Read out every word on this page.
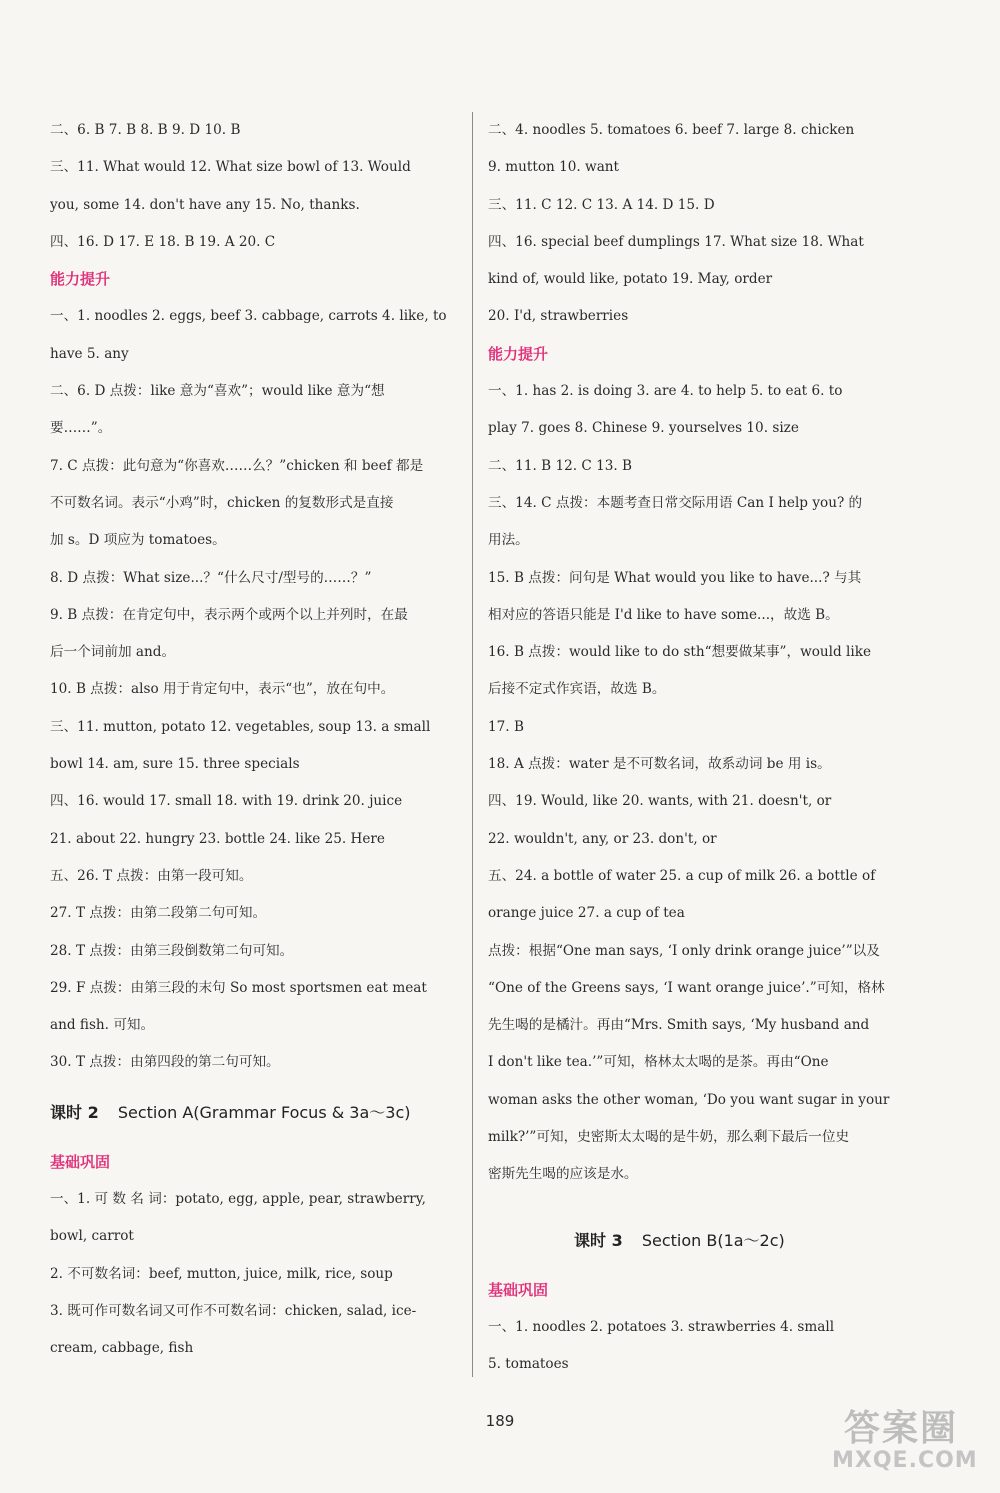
二、6. B 7. B 8. B 9. D 10. B
三、11. What would 12. What size bowl of 13. Would
you, some 14. don't have any 15. No, thanks.
四、16. D 17. E 18. B 19. A 20. C
能力提升
一、1. noodles 2. eggs, beef 3. cabbage, carrots 4. like, to
have 5. any
二、6. D 点拨：like 意为“喜欢”；would like 意为“想
要……”。
7. C 点拨：此句意为“你喜欢……么？”chicken 和 beef 都是
不可数名词。表示“小鸡”时，chicken 的复数形式是直接
加 s。D 项应为 tomatoes。
8. D 点拨：What size...？“什么尺寸/型号的……？”
9. B 点拨：在肯定句中，表示两个或两个以上并列时，在最
后一个词前加 and。
10. B 点拨：also 用于肯定句中，表示“也”，放在句中。
三、11. mutton, potato 12. vegetables, soup 13. a small
bowl 14. am, sure 15. three specials
四、16. would 17. small 18. with 19. drink 20. juice
21. about 22. hungry 23. bottle 24. like 25. Here
五、26. T 点拨：由第一段可知。
27. T 点拨：由第二段第二句可知。
28. T 点拨：由第三段倒数第二句可知。
29. F 点拨：由第三段的末句 So most sportsmen eat meat
and fish. 可知。
30. T 点拨：由第四段的第二句可知。
课时 2 Section A(Grammar Focus & 3a～3c)
基础巩固
一、1. 可 数 名 词：potato, egg, apple, pear, strawberry,
bowl, carrot
2. 不可数名词：beef, mutton, juice, milk, rice, soup
3. 既可作可数名词又可作不可数名词：chicken, salad, ice-
cream, cabbage, fish
二、4. noodles 5. tomatoes 6. beef 7. large 8. chicken
9. mutton 10. want
三、11. C 12. C 13. A 14. D 15. D
四、16. special beef dumplings 17. What size 18. What
kind of, would like, potato 19. May, order
20. I'd, strawberries
能力提升
一、1. has 2. is doing 3. are 4. to help 5. to eat 6. to
play 7. goes 8. Chinese 9. yourselves 10. size
二、11. B 12. C 13. B
三、14. C 点拨：本题考查日常交际用语 Can I help you? 的
用法。
15. B 点拨：问句是 What would you like to have...? 与其
相对应的答语只能是 I'd like to have some...，故选 B。
16. B 点拨：would like to do sth“想要做某事”，would like
后接不定式作宾语，故选 B。
17. B
18. A 点拨：water 是不可数名词，故系动词 be 用 is。
四、19. Would, like 20. wants, with 21. doesn't, or
22. wouldn't, any, or 23. don't, or
五、24. a bottle of water 25. a cup of milk 26. a bottle of
orange juice 27. a cup of tea
点拨：根据“One man says, ‘I only drink orange juice’”以及
“One of the Greens says, ‘I want orange juice’.”可知，格林
先生喝的是橘汁。再由“Mrs. Smith says, ‘My husband and
I don't like tea.’”可知，格林太太喝的是茶。再由“One
woman asks the other woman, ‘Do you want sugar in your
milk?’”可知，史密斯太太喝的是牛奶，那么剩下最后一位史
密斯先生喝的应该是水。
课时 3 Section B(1a～2c)
基础巩固
一、1. noodles 2. potatoes 3. strawberries 4. small
5. tomatoes
189	答案圈
MXQE.COM
